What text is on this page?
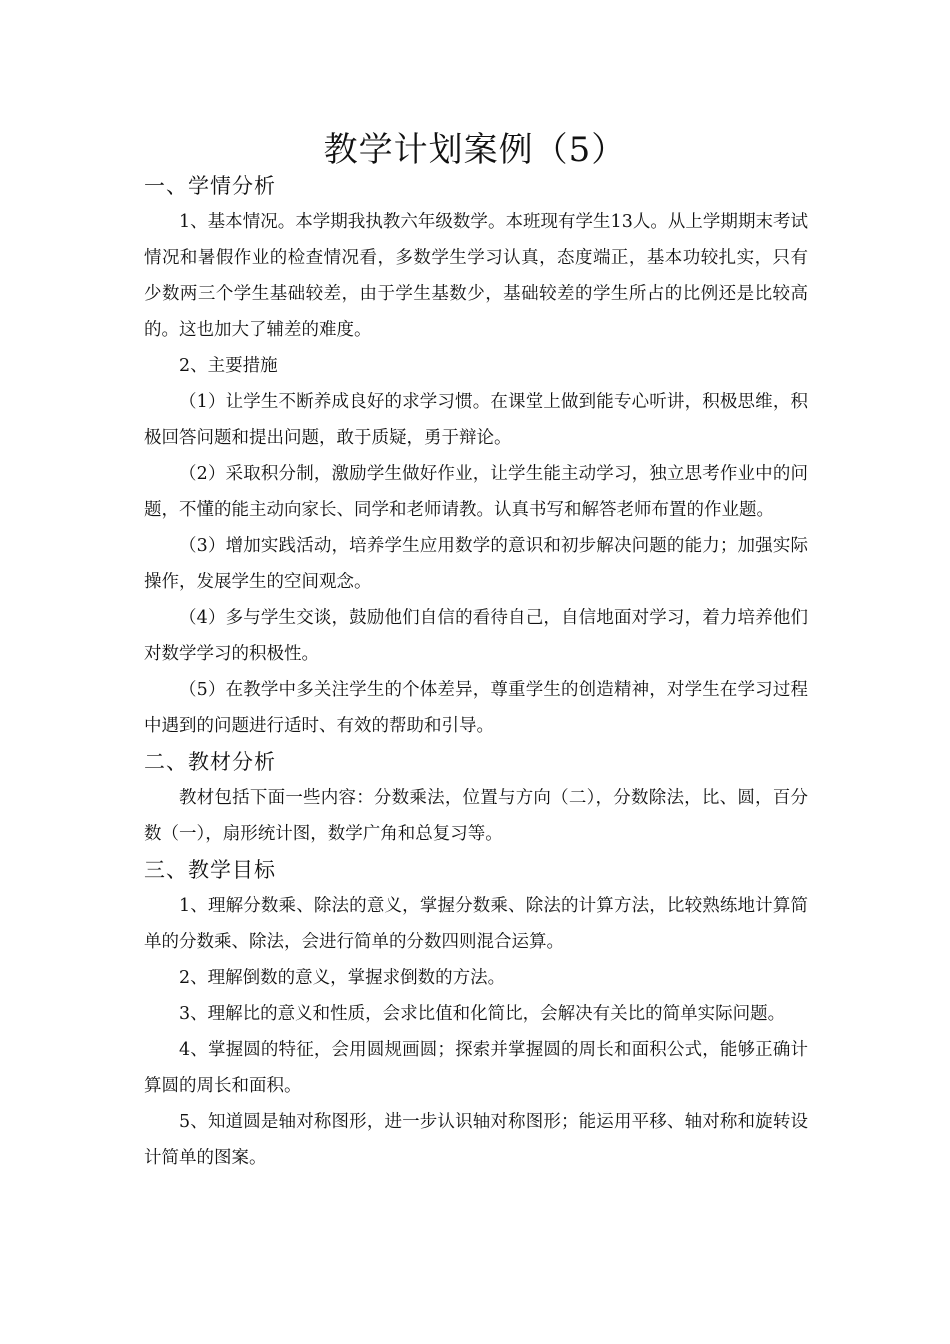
教学计划案例（5）
一、学情分析

1、基本情况。本学期我执教六年级数学。本班现有学生13人。从上学期期末考试情况和暑假作业的检查情况看，多数学生学习认真，态度端正，基本功较扎实，只有少数两三个学生基础较差，由于学生基数少，基础较差的学生所占的比例还是比较高的。这也加大了辅差的难度。

2、主要措施

（1）让学生不断养成良好的求学习惯。在课堂上做到能专心听讲，积极思维，积极回答问题和提出问题，敢于质疑，勇于辩论。

（2）采取积分制，激励学生做好作业，让学生能主动学习，独立思考作业中的问题，不懂的能主动向家长、同学和老师请教。认真书写和解答老师布置的作业题。

（3）增加实践活动，培养学生应用数学的意识和初步解决问题的能力；加强实际操作，发展学生的空间观念。

（4）多与学生交谈，鼓励他们自信的看待自己，自信地面对学习，着力培养他们对数学学习的积极性。

（5）在教学中多关注学生的个体差异，尊重学生的创造精神，对学生在学习过程中遇到的问题进行适时、有效的帮助和引导。

二、教材分析

教材包括下面一些内容：分数乘法，位置与方向（二），分数除法，比、圆，百分数（一），扇形统计图，数学广角和总复习等。

三、教学目标

1、理解分数乘、除法的意义，掌握分数乘、除法的计算方法，比较熟练地计算简单的分数乘、除法，会进行简单的分数四则混合运算。

2、理解倒数的意义，掌握求倒数的方法。

3、理解比的意义和性质，会求比值和化简比，会解决有关比的简单实际问题。

4、掌握圆的特征，会用圆规画圆；探索并掌握圆的周长和面积公式，能够正确计算圆的周长和面积。

5、知道圆是轴对称图形，进一步认识轴对称图形；能运用平移、轴对称和旋转设计简单的图案。
